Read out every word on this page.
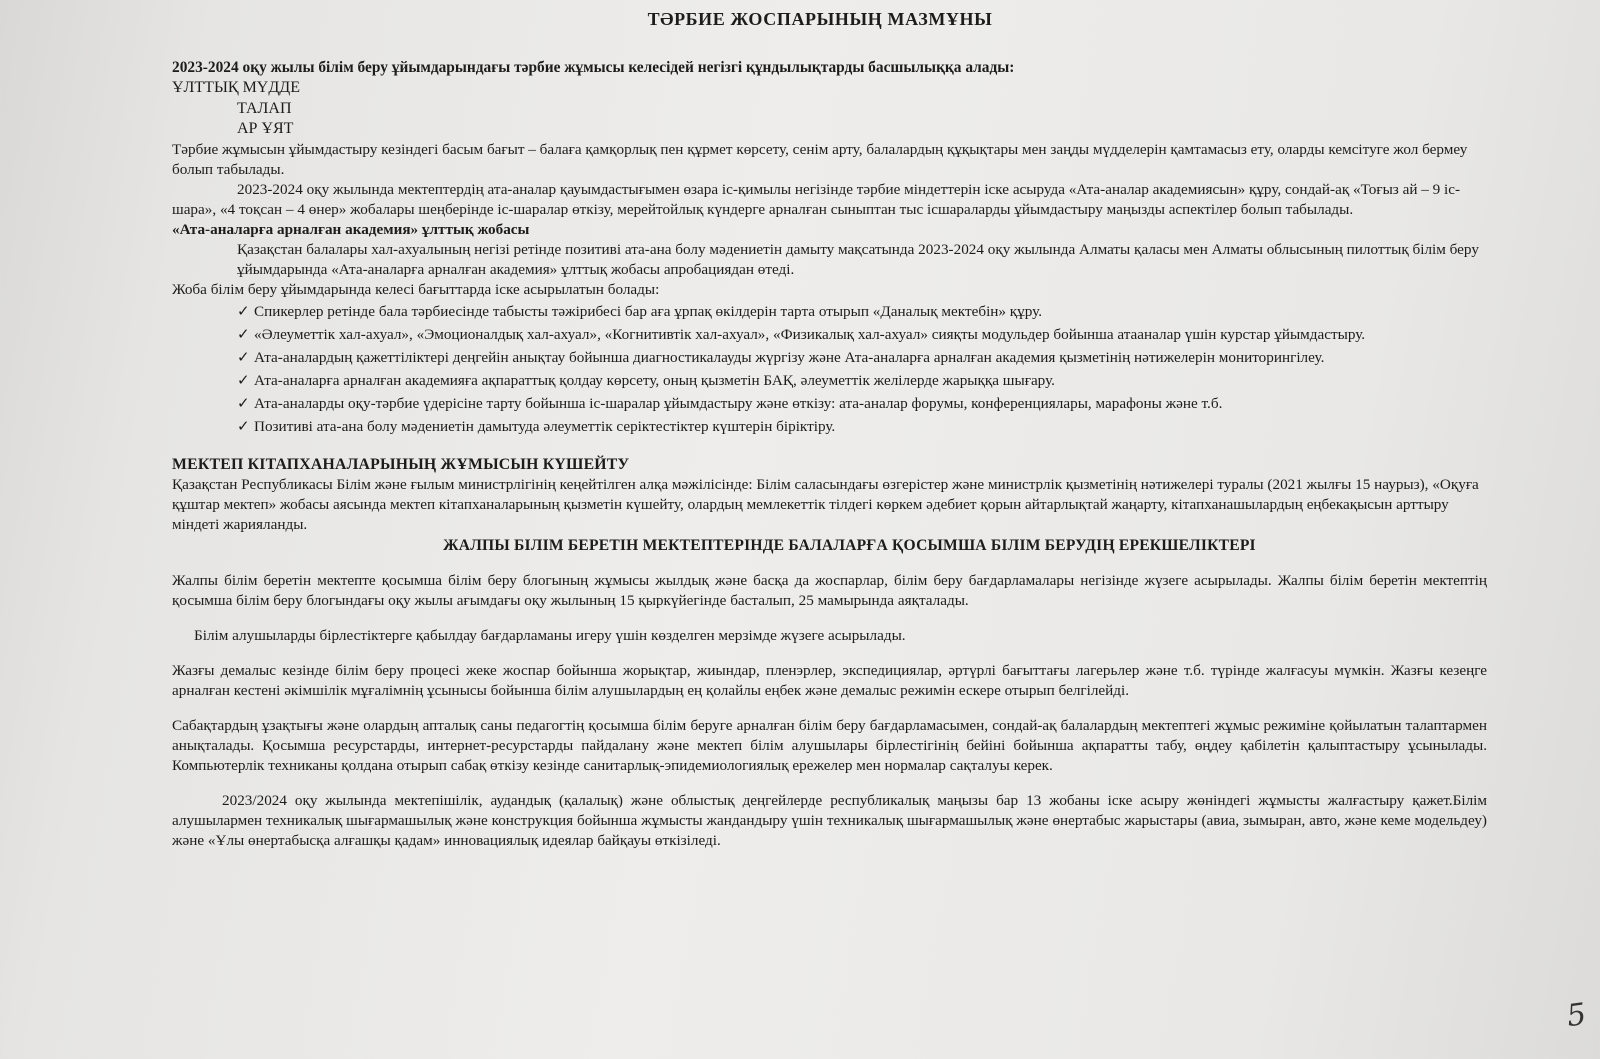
ТӘРБИЕ ЖОСПАРЫНЫҢ МАЗМҰНЫ

2023-2024 оқу жылы білім беру ұйымдарындағы тәрбие жұмысы келесідей негізгі құндылықтарды басшылыққа алады:

ҰЛТТЫҚ МҮДДЕ

ТАЛАП

АР ҰЯТ

Тәрбие жұмысын ұйымдастыру кезіндегі басым бағыт – балаға қамқорлық пен құрмет көрсету, сенім арту, балалардың құқықтары мен заңды мүдделерін қамтамасыз ету, оларды кемсітуге жол бермеу болып табылады.

2023-2024 оқу жылында мектептердің ата-аналар қауымдастығымен өзара іс-қимылы негізінде тәрбие міндеттерін іске асыруда «Ата-аналар академиясын» құру, сондай-ақ «Тоғыз ай – 9 іс-шара», «4 тоқсан – 4 өнер» жобалары шеңберінде іс-шаралар өткізу, мерейтойлық күндерге арналған сыныптан тыс ісшараларды ұйымдастыру маңызды аспектілер болып табылады.

«Ата-аналарға арналған академия» ұлттық жобасы

Қазақстан балалары хал-ахуалының негізі ретінде позитиві ата-ана болу мәдениетін дамыту мақсатында 2023-2024 оқу жылында Алматы қаласы мен Алматы облысының пилоттық білім беру ұйымдарында «Ата-аналарға арналған академия» ұлттық жобасы апробациядан өтеді.

Жоба білім беру ұйымдарында келесі бағыттарда іске асырылатын болады:

✓ Спикерлер ретінде бала тәрбиесінде табысты тәжірибесі бар аға ұрпақ өкілдерін тарта отырып «Даналық мектебін» құру.
✓ «Әлеуметтік хал-ахуал», «Эмоционалдық хал-ахуал», «Когнитивтік хал-ахуал», «Физикалық хал-ахуал» сияқты модульдер бойынша атааналар үшін курстар ұйымдастыру.
✓ Ата-аналардың қажеттіліктері деңгейін анықтау бойынша диагностикалауды жүргізу және Ата-аналарға арналған академия қызметінің нәтижелерін мониторингілеу.
✓ Ата-аналарға арналған академияға ақпараттық қолдау көрсету, оның қызметін БАҚ, әлеуметтік желілерде жарыққа шығару.
✓ Ата-аналарды оқу-тәрбие үдерісіне тарту бойынша іс-шаралар ұйымдастыру және өткізу: ата-аналар форумы, конференциялары, марафоны және т.б.
✓ Позитиві ата-ана болу мәдениетін дамытуда әлеуметтік серіктестіктер күштерін біріктіру.

МЕКТЕП КІТАПХАНАЛАРЫНЫҢ ЖҰМЫСЫН КҮШЕЙТУ

Қазақстан Республикасы Білім және ғылым министрлігінің кеңейтілген алқа мәжілісінде: Білім саласындағы өзгерістер және министрлік қызметінің нәтижелері туралы (2021 жылғы 15 наурыз), «Оқуға құштар мектеп» жобасы аясында мектеп кітапханаларының қызметін күшейту, олардың мемлекеттік тілдегі көркем әдебиет қорын айтарлықтай жаңарту, кітапханашылардың еңбекақысын арттыру міндеті жарияланды.

ЖАЛПЫ БІЛІМ БЕРЕТІН МЕКТЕПТЕРІНДЕ БАЛАЛАРҒА ҚОСЫМША БІЛІМ БЕРУДІҢ ЕРЕКШЕЛІКТЕРІ

Жалпы білім беретін мектепте қосымша білім беру блогының жұмысы жылдық және басқа да жоспарлар, білім беру бағдарламалары негізінде жүзеге асырылады. Жалпы білім беретін мектептің қосымша білім беру блогындағы оқу жылы ағымдағы оқу жылының 15 қыркүйегінде басталып, 25 мамырында аяқталады.

Білім алушыларды бірлестіктерге қабылдау бағдарламаны игеру үшін көзделген мерзімде жүзеге асырылады.

Жазғы демалыс кезінде білім беру процесі жеке жоспар бойынша жорықтар, жиындар, пленэрлер, экспедициялар, әртүрлі бағыттағы лагерьлер және т.б. түрінде жалғасуы мүмкін. Жазғы кезеңге арналған кестені әкімшілік мұғалімнің ұсынысы бойынша білім алушылардың ең қолайлы еңбек және демалыс режимін ескере отырып белгілейді.

Сабақтардың ұзақтығы және олардың апталық саны педагогтің қосымша білім беруге арналған білім беру бағдарламасымен, сондай-ақ балалардың мектептегі жұмыс режиміне қойылатын талаптармен анықталады. Қосымша ресурстарды, интернет-ресурстарды пайдалану және мектеп білім алушылары бірлестігінің бейіні бойынша ақпаратты табу, өңдеу қабілетін қалыптастыру ұсынылады. Компьютерлік техниканы қолдана отырып сабақ өткізу кезінде санитарлық-эпидемиологиялық ережелер мен нормалар сақталуы керек.

2023/2024 оқу жылында мектепішілік, аудандық (қалалық) және облыстық деңгейлерде республикалық маңызы бар 13 жобаны іске асыру жөніндегі жұмысты жалғастыру қажет.Білім алушылармен техникалық шығармашылық және конструкция бойынша жұмысты жандандыру үшін техникалық шығармашылық және өнертабыс жарыстары (авиа, зымыран, авто, және кеме модельдеу) және «Ұлы өнертабысқа алғашқы қадам» инновациялық идеялар байқауы өткізіледі.

5
